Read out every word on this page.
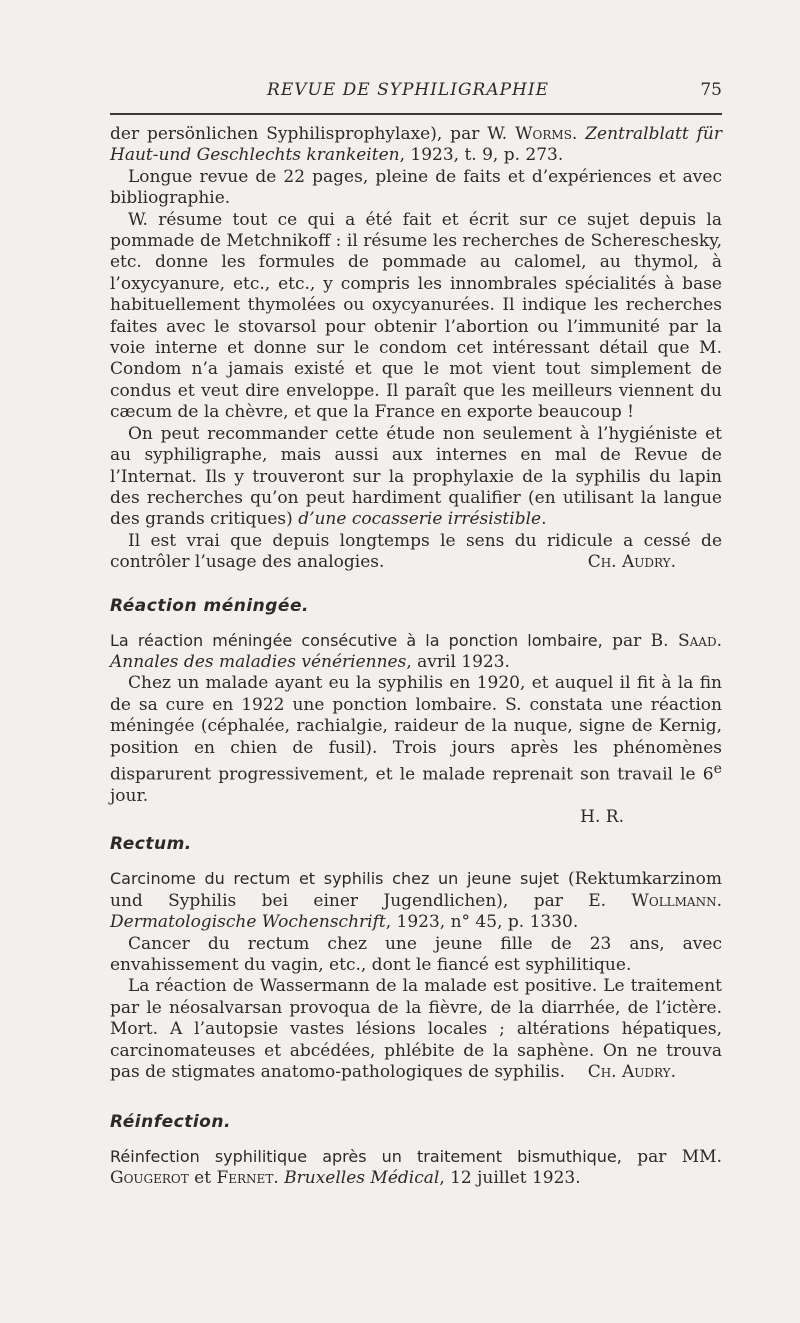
REVUE DE SYPHILIGRAPHIE	75

der persönlichen Syphilisprophylaxe), par W. Worms. Zentralblatt für Haut-und Geschlechts krankeiten, 1923, t. 9, p. 273.

Longue revue de 22 pages, pleine de faits et d’expériences et avec bibliographie.

W. résume tout ce qui a été fait et écrit sur ce sujet depuis la pommade de Metchnikoff : il résume les recherches de Schereschesky, etc. donne les formules de pommade au calomel, au thymol, à l’oxycyanure, etc., etc., y compris les innombrales spécialités à base habituellement thymolées ou oxycyanurées. Il indique les recherches faites avec le stovarsol pour obtenir l’abortion ou l’immunité par la voie interne et donne sur le condom cet intéressant détail que M. Condom n’a jamais existé et que le mot vient tout simplement de condus et veut dire enveloppe. Il paraît que les meilleurs viennent du cæcum de la chèvre, et que la France en exporte beaucoup !

On peut recommander cette étude non seulement à l’hygiéniste et au syphiligraphe, mais aussi aux internes en mal de Revue de l’Internat. Ils y trouveront sur la prophylaxie de la syphilis du lapin des recherches qu’on peut hardiment qualifier (en utilisant la langue des grands critiques) d’une cocasserie irrésistible.

Il est vrai que depuis longtemps le sens du ridicule a cessé de contrôler l’usage des analogies.	Ch. Audry.

Réaction méningée.

La réaction méningée consécutive à la ponction lombaire, par B. Saad. Annales des maladies vénériennes, avril 1923.

Chez un malade ayant eu la syphilis en 1920, et auquel il fit à la fin de sa cure en 1922 une ponction lombaire. S. constata une réaction méningée (céphalée, rachialgie, raideur de la nuque, signe de Kernig, position en chien de fusil). Trois jours après les phénomènes disparurent progressivement, et le malade reprenait son travail le 6e jour.

H. R.
Rectum.

Carcinome du rectum et syphilis chez un jeune sujet (Rektumkarzinom und Syphilis bei einer Jugendlichen), par E. Wollmann. Dermatologische Wochenschrift, 1923, n° 45, p. 1330.

Cancer du rectum chez une jeune fille de 23 ans, avec envahissement du vagin, etc., dont le fiancé est syphilitique.

La réaction de Wassermann de la malade est positive. Le traitement par le néosalvarsan provoqua de la fièvre, de la diarrhée, de l’ictère. Mort. A l’autopsie vastes lésions locales ; altérations hépatiques, carcinomateuses et abcédées, phlébite de la saphène. On ne trouva pas de stigmates anatomo-pathologiques de syphilis.	Ch. Audry.

Réinfection.

Réinfection syphilitique après un traitement bismuthique, par MM. Gougerot et Fernet. Bruxelles Médical, 12 juillet 1923.
